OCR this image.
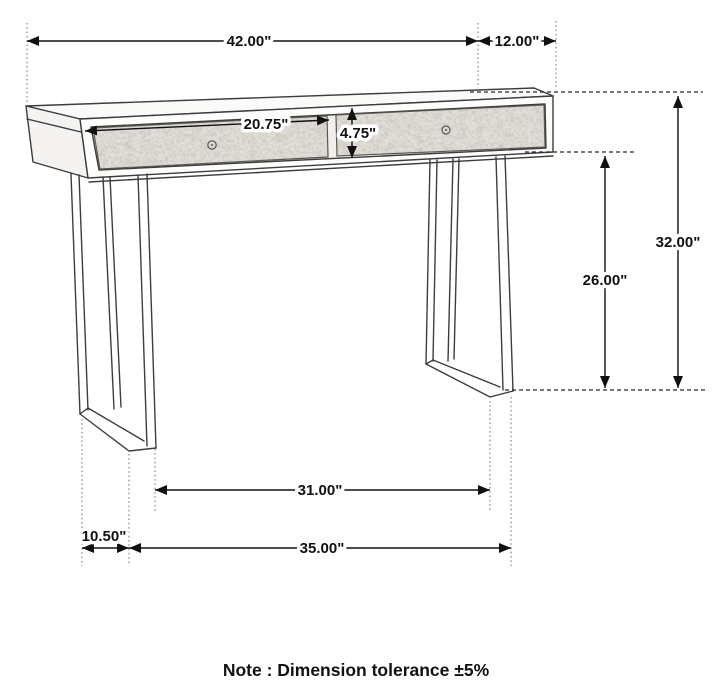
42.00"	12.00"
20.75"
4.75"
32.00"
26.00"
31.00"
10.50"
35.00"
Note : Dimension tolerance ±5%
